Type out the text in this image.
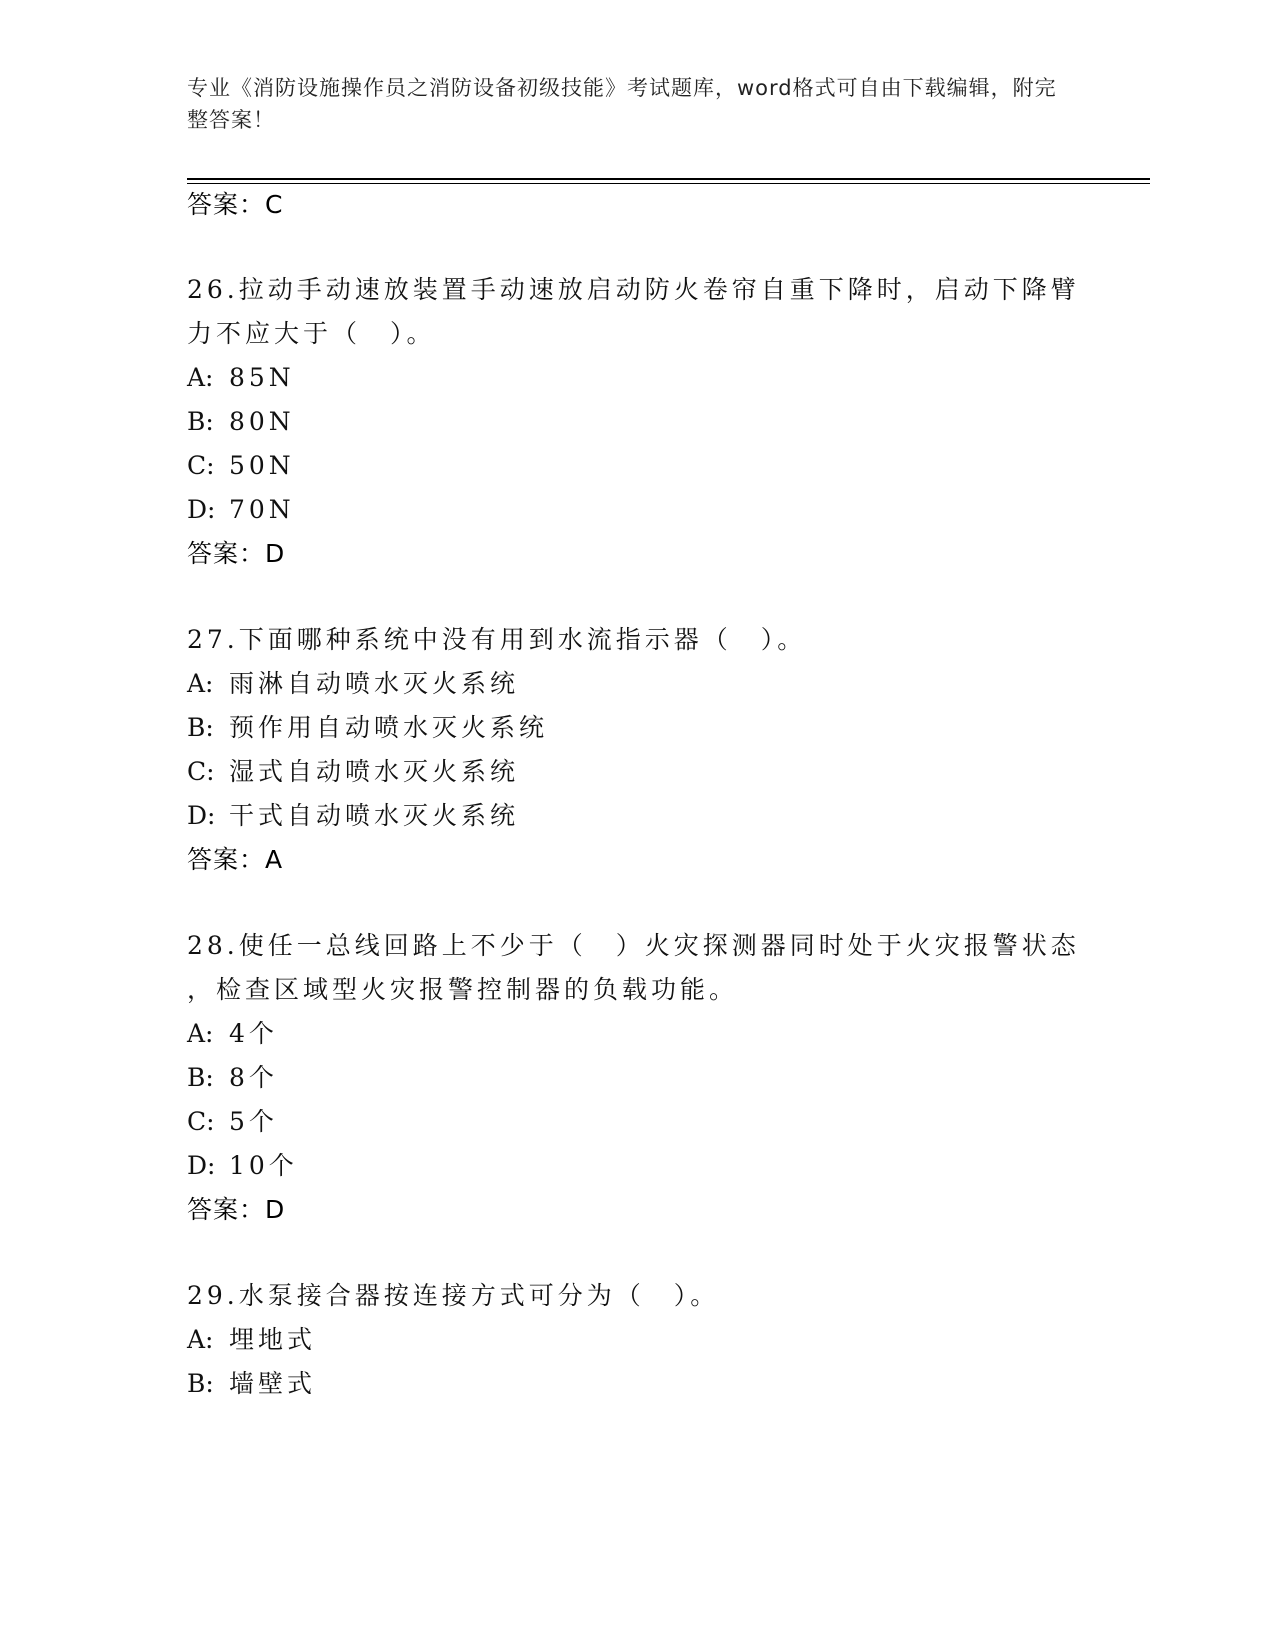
专业《消防设施操作员之消防设备初级技能》考试题库，word格式可自由下载编辑，附完整答案！
答案：C
26.拉动手动速放装置手动速放启动防火卷帘自重下降时，启动下降臂
力不应大于（　）。
A: 85N
B: 80N
C: 50N
D: 70N
答案：D
27.下面哪种系统中没有用到水流指示器（　）。
A: 雨淋自动喷水灭火系统
B: 预作用自动喷水灭火系统
C: 湿式自动喷水灭火系统
D: 干式自动喷水灭火系统
答案：A
28.使任一总线回路上不少于（　）火灾探测器同时处于火灾报警状态
，检查区域型火灾报警控制器的负载功能。
A: 4个
B: 8个
C: 5个
D: 10个
答案：D
29.水泵接合器按连接方式可分为（　）。
A: 埋地式
B: 墙壁式
